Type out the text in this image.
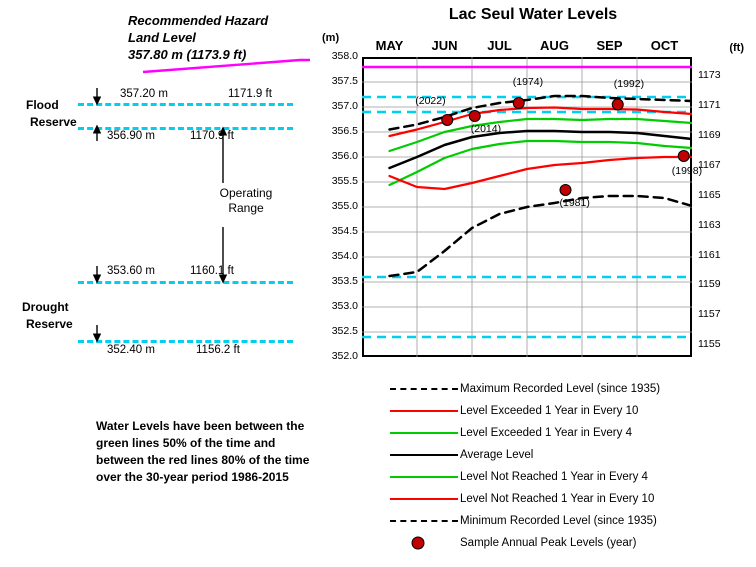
Recommended Hazard Land Level
357.80 m (1173.9 ft)
357.20 m	1171.9 ft
356.90 m	1170.9 ft
353.60 m	1160.1 ft
352.40 m	1156.2 ft
Flood
Reserve
Drought
Reserve
Operating Range
Water Levels have been between the green lines 50% of the time and between the red lines 80% of the time over the 30-year period 1986-2015
Lac Seul Water Levels
(m)
(ft)
MAY	JUN	JUL	AUG	SEP	OCT
358.0
357.5
357.0
356.5
356.0
355.5
355.0
354.5
354.0
353.5
353.0
352.5
352.0
1173
1171
1169
1167
1165
1163
1161
1159
1157
1155
(2022)
(2014)
(1974)
(1981)
(1992)
(1998)
Maximum Recorded Level (since 1935)
Level Exceeded 1 Year in Every 10
Level Exceeded 1 Year in Every 4
Average Level
Level Not Reached 1 Year in Every 4
Level Not Reached 1 Year in Every 10
Minimum Recorded Level (since 1935)
Sample Annual Peak Levels (year)
